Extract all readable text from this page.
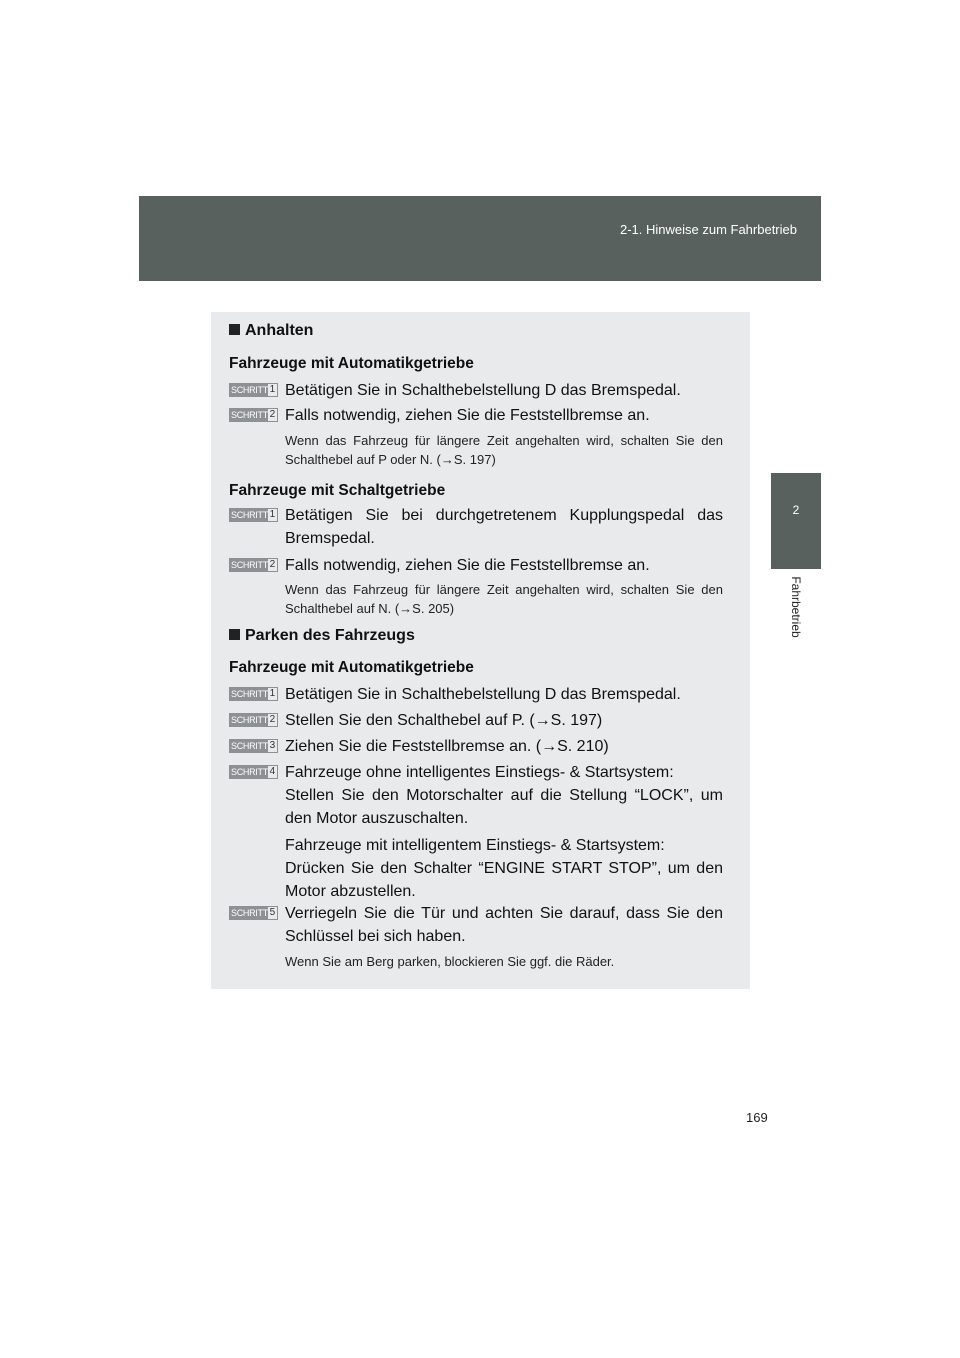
2-1. Hinweise zum Fahrbetrieb
2
Fahrbetrieb
Anhalten
Fahrzeuge mit Automatikgetriebe
SCHRITT 1 Betätigen Sie in Schalthebelstellung D das Bremspedal.
SCHRITT 2 Falls notwendig, ziehen Sie die Feststellbremse an.
Wenn das Fahrzeug für längere Zeit angehalten wird, schalten Sie den Schalthebel auf P oder N. (→S. 197)
Fahrzeuge mit Schaltgetriebe
SCHRITT 1 Betätigen Sie bei durchgetretenem Kupplungspedal das Bremspedal.
SCHRITT 2 Falls notwendig, ziehen Sie die Feststellbremse an.
Wenn das Fahrzeug für längere Zeit angehalten wird, schalten Sie den Schalthebel auf N. (→S. 205)
Parken des Fahrzeugs
Fahrzeuge mit Automatikgetriebe
SCHRITT 1 Betätigen Sie in Schalthebelstellung D das Bremspedal.
SCHRITT 2 Stellen Sie den Schalthebel auf P. (→S. 197)
SCHRITT 3 Ziehen Sie die Feststellbremse an. (→S. 210)
SCHRITT 4 Fahrzeuge ohne intelligentes Einstiegs- & Startsystem:
Stellen Sie den Motorschalter auf die Stellung “LOCK”, um den Motor auszuschalten.
Fahrzeuge mit intelligentem Einstiegs- & Startsystem:
Drücken Sie den Schalter “ENGINE START STOP”, um den Motor abzustellen.
SCHRITT 5 Verriegeln Sie die Tür und achten Sie darauf, dass Sie den Schlüssel bei sich haben.
Wenn Sie am Berg parken, blockieren Sie ggf. die Räder.
169
